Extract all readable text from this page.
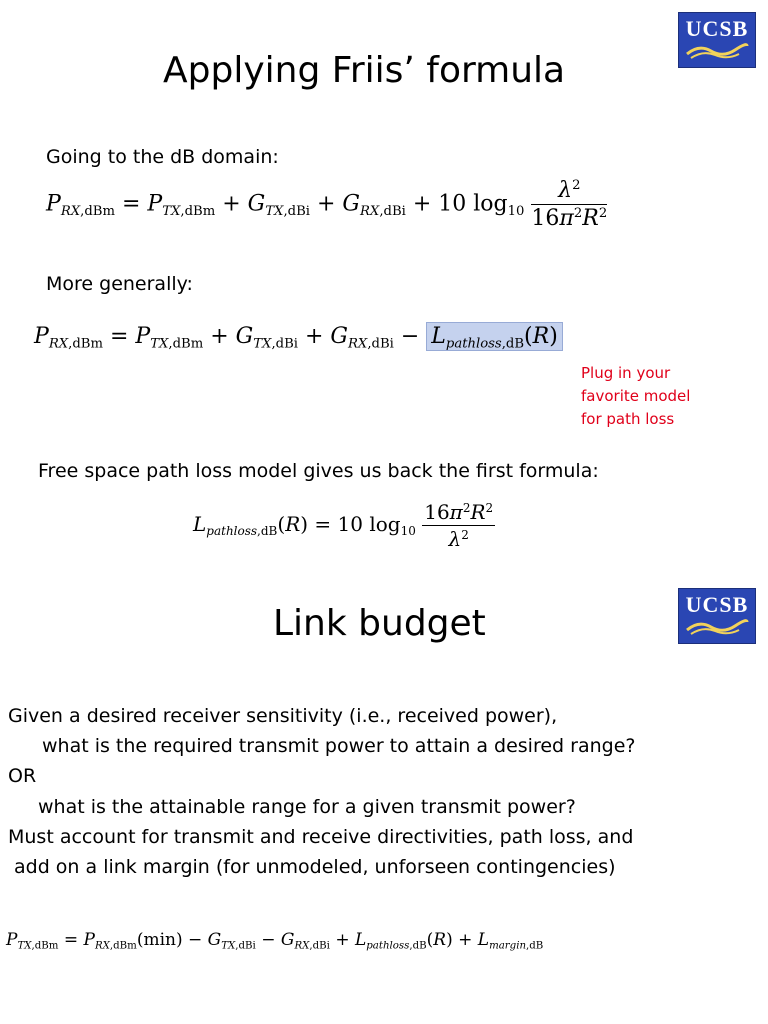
Applying Friis’ formula
UCSB
Going to the dB domain:
$P_{RX,dBm} = P_{TX,dBm} + G_{TX,dBi} + G_{RX,dBi} + 10$ $\log_{10} \frac{\lambda^2}{16\pi^2R^2}$
More generally:
$P_{RX,dBm} = P_{TX,dBm} + G_{TX,dBi} + G_{RX,dBi} - L_{pathloss,dB}(R)$
Plug in your
favorite model
for path loss
Free space path loss model gives us back the first formula:
$L_{pathloss,dB}(R) = 10$ $\log_{10} \frac{16\pi^2R^2}{\lambda^2}$
Link budget	UCSB
Given a desired receiver sensitivity (i.e., received power),
what is the required transmit power to attain a desired range?
OR
what is the attainable range for a given transmit power?
Must account for transmit and receive directivities, path loss, and
add on a link margin (for unmodeled, unforseen contingencies)
$P_{TX,dBm} = P_{RX,dBm}(\min) - G_{TX,dBi} - G_{RX,dBi} + L_{pathloss,dB}(R) + L_{margin,dB}$
